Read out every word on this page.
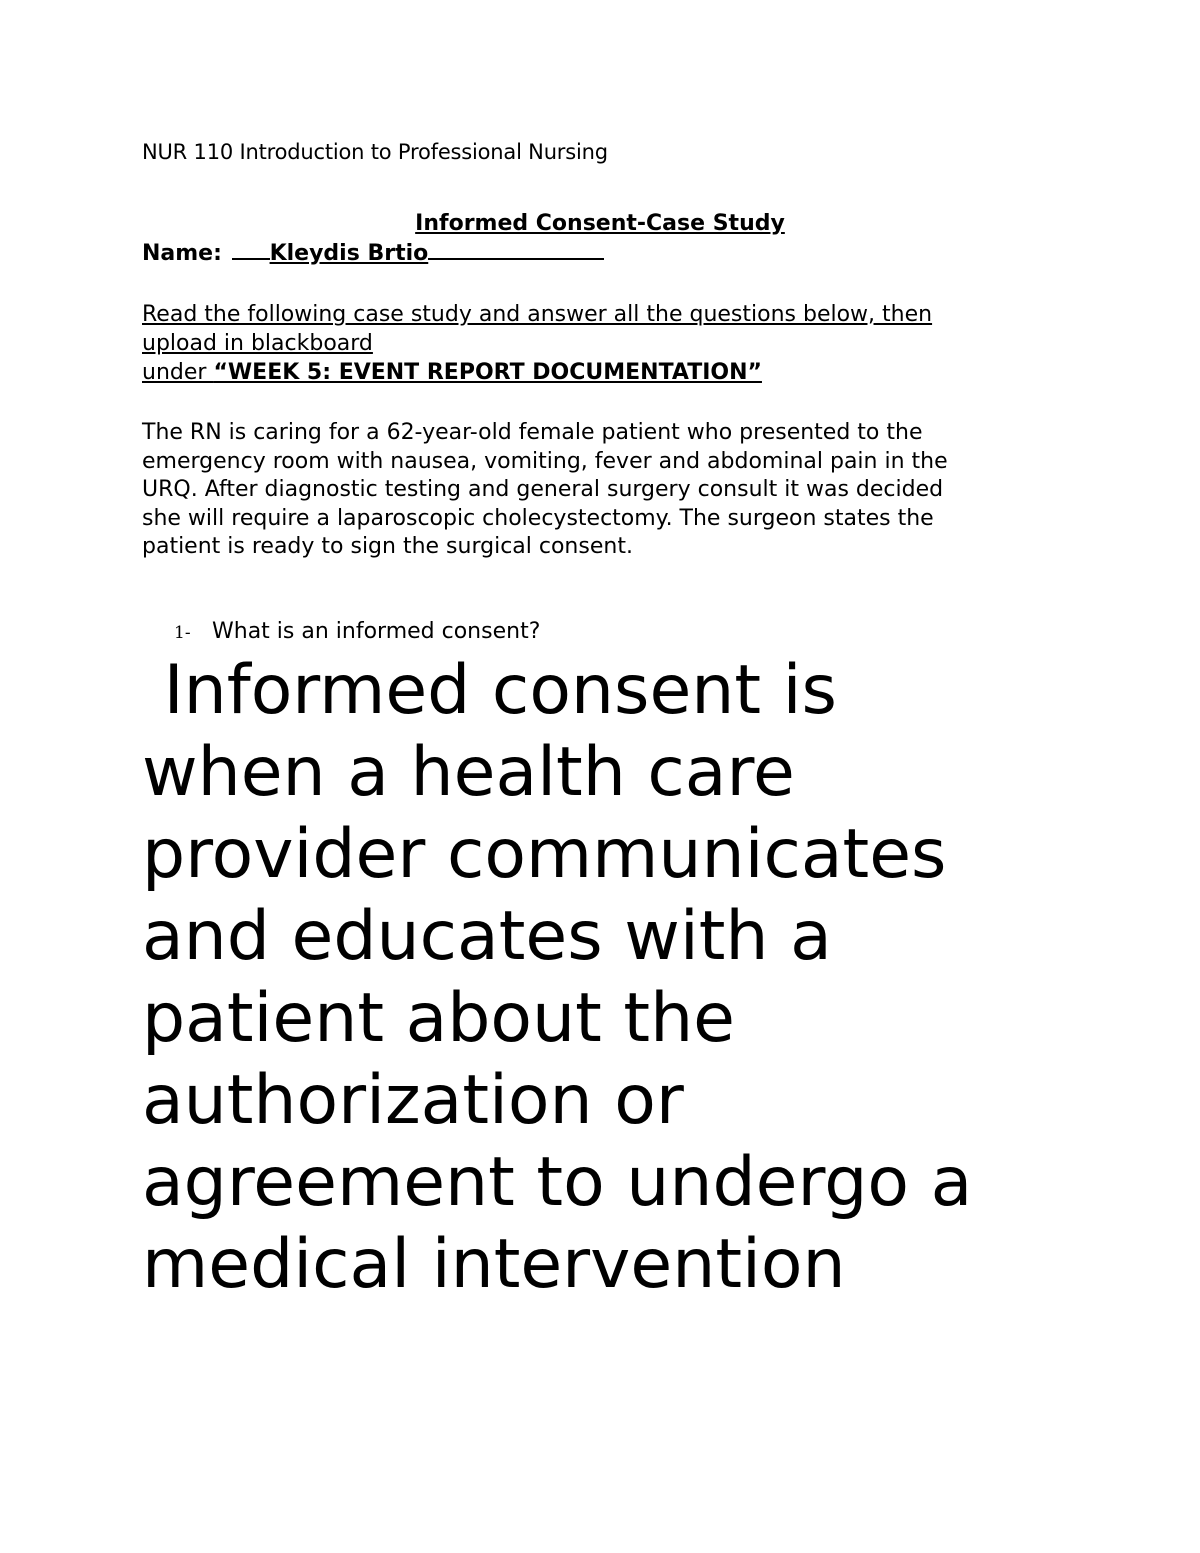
NUR 110 Introduction to Professional Nursing
Informed Consent-Case Study
Name: Kleydis Brtio
Read the following case study and answer all the questions below, then
upload in blackboard
under “WEEK 5: EVENT REPORT DOCUMENTATION”
The RN is caring for a 62-year-old female patient who presented to the
emergency room with nausea, vomiting, fever and abdominal pain in the
URQ. After diagnostic testing and general surgery consult it was decided
she will require a laparoscopic cholecystectomy. The surgeon states the
patient is ready to sign the surgical consent.
1- What is an informed consent?
Informed consent is
when a health care
provider communicates
and educates with a
patient about the
authorization or
agreement to undergo a
medical intervention
